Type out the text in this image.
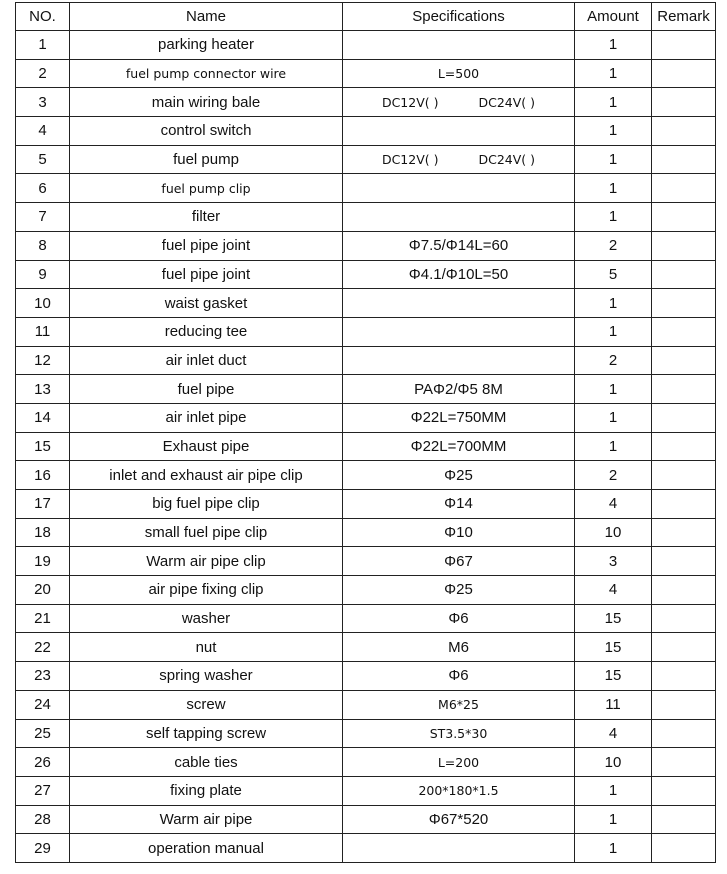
NO.	Name	Specifications	Amount	Remark
1	parking heater		1	
2	fuel pump connector wire	L=500	1	
3	main wiring bale	DC12V( ) DC24V( )	1	
4	control switch		1	
5	fuel pump	DC12V( ) DC24V( )	1	
6	fuel pump clip		1	
7	filter		1	
8	fuel pipe joint	Φ7.5/Φ14L=60	2	
9	fuel pipe joint	Φ4.1/Φ10L=50	5	
10	waist gasket		1	
11	reducing tee		1	
12	air inlet duct		2	
13	fuel pipe	PAΦ2/Φ5 8M	1	
14	air inlet pipe	Φ22L=750MM	1	
15	Exhaust pipe	Φ22L=700MM	1	
16	inlet and exhaust air pipe clip	Φ25	2	
17	big fuel pipe clip	Φ14	4	
18	small fuel pipe clip	Φ10	10	
19	Warm air pipe clip	Φ67	3	
20	air pipe fixing clip	Φ25	4	
21	washer	Φ6	15	
22	nut	M6	15	
23	spring washer	Φ6	15	
24	screw	M6*25	11	
25	self tapping screw	ST3.5*30	4	
26	cable ties	L=200	10	
27	fixing plate	200*180*1.5	1	
28	Warm air pipe	Φ67*520	1	
29	operation manual		1	
